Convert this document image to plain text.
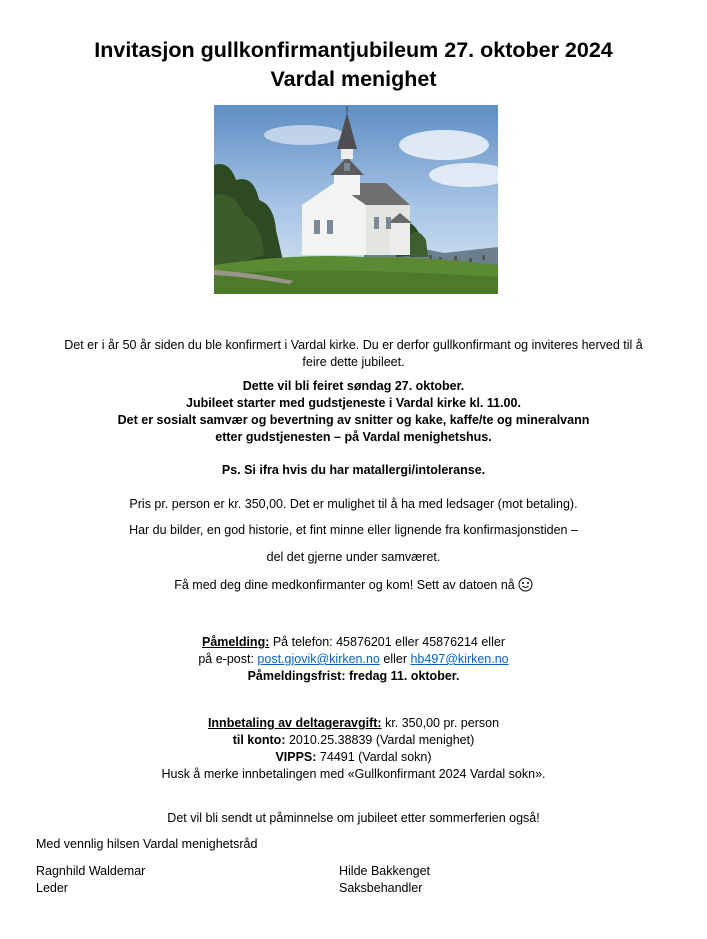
Invitasjon gullkonfirmantjubileum 27. oktober 2024
Vardal menighet
Det er i år 50 år siden du ble konfirmert i Vardal kirke. Du er derfor gullkonfirmant og inviteres herved til å
feire dette jubileet.
Dette vil bli feiret søndag 27. oktober.
Jubileet starter med gudstjeneste i Vardal kirke kl. 11.00.
Det er sosialt samvær og bevertning av snitter og kake, kaffe/te og mineralvann
etter gudstjenesten – på Vardal menighetshus.
Ps. Si ifra hvis du har matallergi/intoleranse.
Pris pr. person er kr. 350,00. Det er mulighet til å ha med ledsager (mot betaling).
Har du bilder, en god historie, et fint minne eller lignende fra konfirmasjonstiden –
del det gjerne under samværet.
Få med deg dine medkonfirmanter og kom! Sett av datoen nå
Påmelding: På telefon: 45876201 eller 45876214 eller
på e-post: post.gjovik@kirken.no eller hb497@kirken.no
Påmeldingsfrist: fredag 11. oktober.
Innbetaling av deltageravgift: kr. 350,00 pr. person
til konto: 2010.25.38839 (Vardal menighet)
VIPPS: 74491 (Vardal sokn)
Husk å merke innbetalingen med «Gullkonfirmant 2024 Vardal sokn».
Det vil bli sendt ut påminnelse om jubileet etter sommerferien også!
Med vennlig hilsen Vardal menighetsråd
Ragnhild Waldemar
Leder
Hilde Bakkenget
Saksbehandler
